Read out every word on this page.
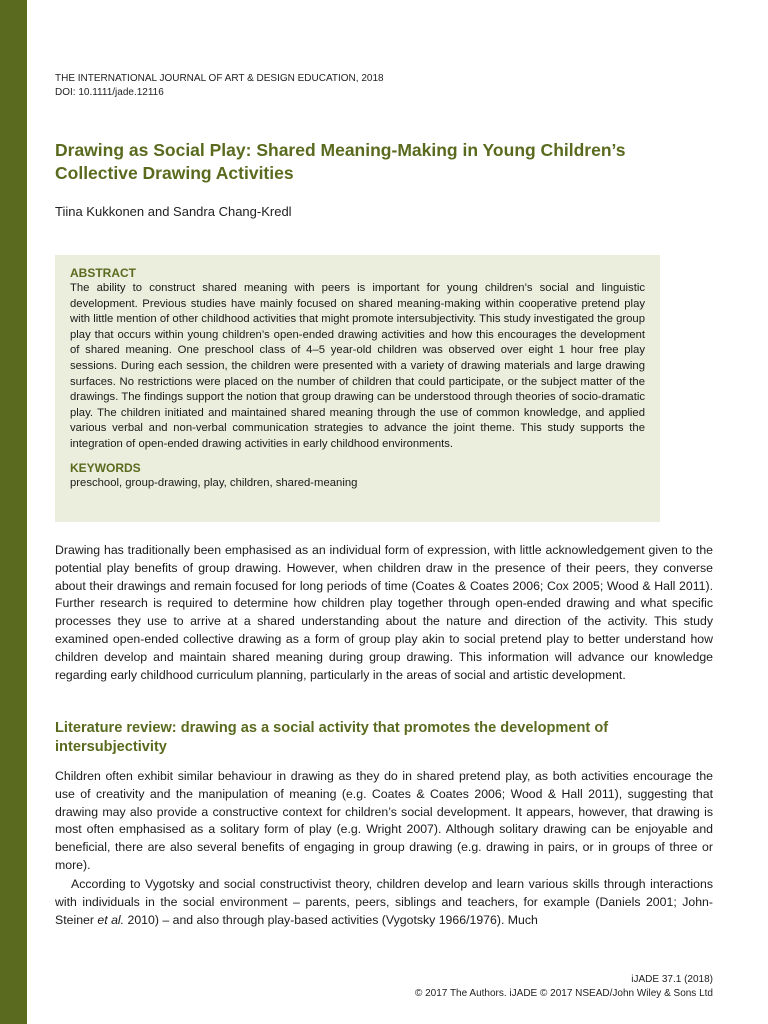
THE INTERNATIONAL JOURNAL OF ART & DESIGN EDUCATION, 2018
DOI: 10.1111/jade.12116
Drawing as Social Play: Shared Meaning-Making in Young Children’s Collective Drawing Activities
Tiina Kukkonen and Sandra Chang-Kredl
ABSTRACT

The ability to construct shared meaning with peers is important for young children’s social and linguistic development. Previous studies have mainly focused on shared meaning-making within cooperative pretend play with little mention of other childhood activities that might promote intersubjectivity. This study investigated the group play that occurs within young children’s open-ended drawing activities and how this encourages the development of shared meaning. One preschool class of 4–5 year-old children was observed over eight 1 hour free play sessions. During each session, the children were presented with a variety of drawing materials and large drawing surfaces. No restrictions were placed on the number of children that could participate, or the subject matter of the drawings. The findings support the notion that group drawing can be understood through theories of socio-dramatic play. The children initiated and maintained shared meaning through the use of common knowledge, and applied various verbal and non-verbal communication strategies to advance the joint theme. This study supports the integration of open-ended drawing activities in early childhood environments.

KEYWORDS
preschool, group-drawing, play, children, shared-meaning

Drawing has traditionally been emphasised as an individual form of expression, with little acknowledgement given to the potential play benefits of group drawing. However, when children draw in the presence of their peers, they converse about their drawings and remain focused for long periods of time (Coates & Coates 2006; Cox 2005; Wood & Hall 2011). Further research is required to determine how children play together through open-ended drawing and what specific processes they use to arrive at a shared understanding about the nature and direction of the activity. This study examined open-ended collective drawing as a form of group play akin to social pretend play to better understand how children develop and maintain shared meaning during group drawing. This information will advance our knowledge regarding early childhood curriculum planning, particularly in the areas of social and artistic development.

Literature review: drawing as a social activity that promotes the development of intersubjectivity

Children often exhibit similar behaviour in drawing as they do in shared pretend play, as both activities encourage the use of creativity and the manipulation of meaning (e.g. Coates & Coates 2006; Wood & Hall 2011), suggesting that drawing may also provide a constructive context for children’s social development. It appears, however, that drawing is most often emphasised as a solitary form of play (e.g. Wright 2007). Although solitary drawing can be enjoyable and beneficial, there are also several benefits of engaging in group drawing (e.g. drawing in pairs, or in groups of three or more).

According to Vygotsky and social constructivist theory, children develop and learn various skills through interactions with individuals in the social environment – parents, peers, siblings and teachers, for example (Daniels 2001; John-Steiner et al. 2010) – and also through play-based activities (Vygotsky 1966/1976). Much

iJADE 37.1 (2018)
© 2017 The Authors. iJADE © 2017 NSEAD/John Wiley & Sons Ltd
